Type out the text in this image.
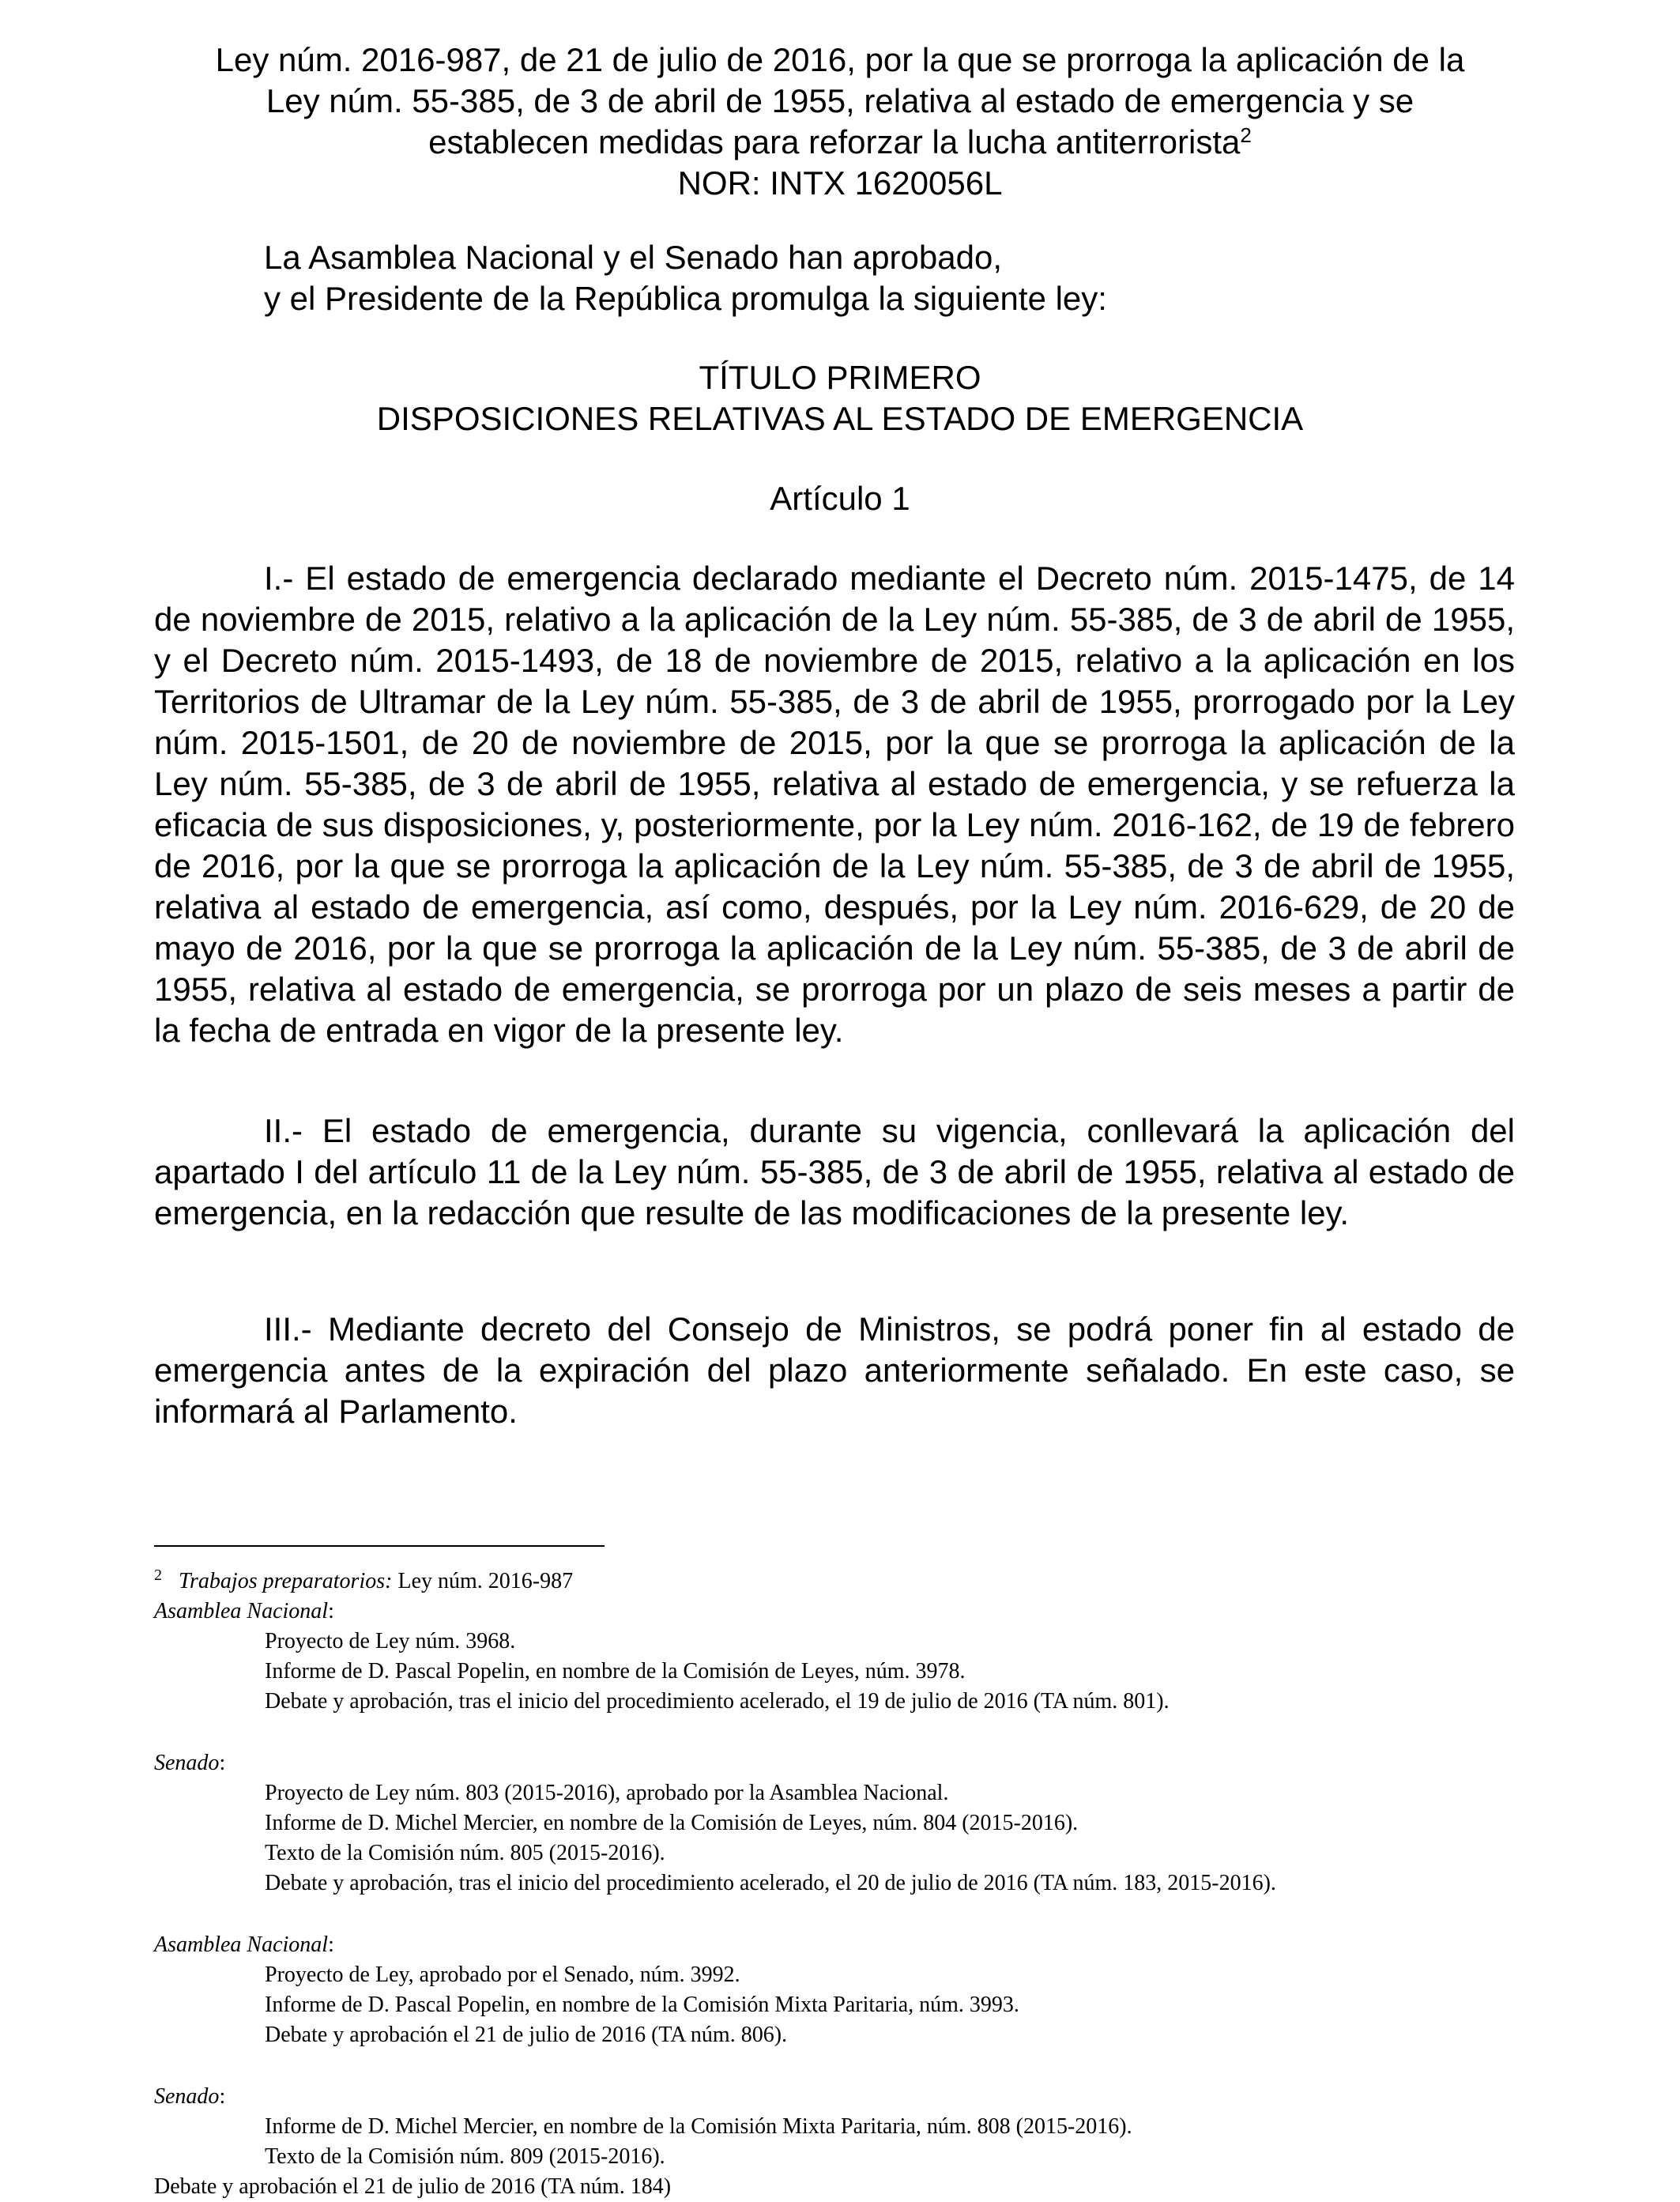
Ley núm. 2016-987, de 21 de julio de 2016, por la que se prorroga la aplicación de la
Ley núm. 55-385, de 3 de abril de 1955, relativa al estado de emergencia y se
establecen medidas para reforzar la lucha antiterrorista$^2$
NOR: INTX 1620056L
La Asamblea Nacional y el Senado han aprobado,
y el Presidente de la República promulga la siguiente ley:
TÍTULO PRIMERO
DISPOSICIONES RELATIVAS AL ESTADO DE EMERGENCIA
Artículo 1

I.- El estado de emergencia declarado mediante el Decreto núm. 2015-1475, de 14 de noviembre de 2015, relativo a la aplicación de la Ley núm. 55-385, de 3 de abril de 1955, y el Decreto núm. 2015-1493, de 18 de noviembre de 2015, relativo a la aplicación en los Territorios de Ultramar de la Ley núm. 55-385, de 3 de abril de 1955, prorrogado por la Ley núm. 2015-1501, de 20 de noviembre de 2015, por la que se prorroga la aplicación de la Ley núm. 55-385, de 3 de abril de 1955, relativa al estado de emergencia, y se refuerza la eficacia de sus disposiciones, y, posteriormente, por la Ley núm. 2016-162, de 19 de febrero de 2016, por la que se prorroga la aplicación de la Ley núm. 55-385, de 3 de abril de 1955, relativa al estado de emergencia, así como, después, por la Ley núm. 2016-629, de 20 de mayo de 2016, por la que se prorroga la aplicación de la Ley núm. 55-385, de 3 de abril de 1955, relativa al estado de emergencia, se prorroga por un plazo de seis meses a partir de la fecha de entrada en vigor de la presente ley.

II.- El estado de emergencia, durante su vigencia, conllevará la aplicación del apartado I del artículo 11 de la Ley núm. 55-385, de 3 de abril de 1955, relativa al estado de emergencia, en la redacción que resulte de las modificaciones de la presente ley.

III.- Mediante decreto del Consejo de Ministros, se podrá poner fin al estado de emergencia antes de la expiración del plazo anteriormente señalado. En este caso, se informará al Parlamento.

$^2$ Trabajos preparatorios: Ley núm. 2016-987
Asamblea Nacional:
Proyecto de Ley núm. 3968.
Informe de D. Pascal Popelin, en nombre de la Comisión de Leyes, núm. 3978.
Debate y aprobación, tras el inicio del procedimiento acelerado, el 19 de julio de 2016 (TA núm. 801).
Senado:
Proyecto de Ley núm. 803 (2015-2016), aprobado por la Asamblea Nacional.
Informe de D. Michel Mercier, en nombre de la Comisión de Leyes, núm. 804 (2015-2016).
Texto de la Comisión núm. 805 (2015-2016).
Debate y aprobación, tras el inicio del procedimiento acelerado, el 20 de julio de 2016 (TA núm. 183, 2015-2016).
Asamblea Nacional:
Proyecto de Ley, aprobado por el Senado, núm. 3992.
Informe de D. Pascal Popelin, en nombre de la Comisión Mixta Paritaria, núm. 3993.
Debate y aprobación el 21 de julio de 2016 (TA núm. 806).
Senado:
Informe de D. Michel Mercier, en nombre de la Comisión Mixta Paritaria, núm. 808 (2015-2016).
Texto de la Comisión núm. 809 (2015-2016).
Debate y aprobación el 21 de julio de 2016 (TA núm. 184)
